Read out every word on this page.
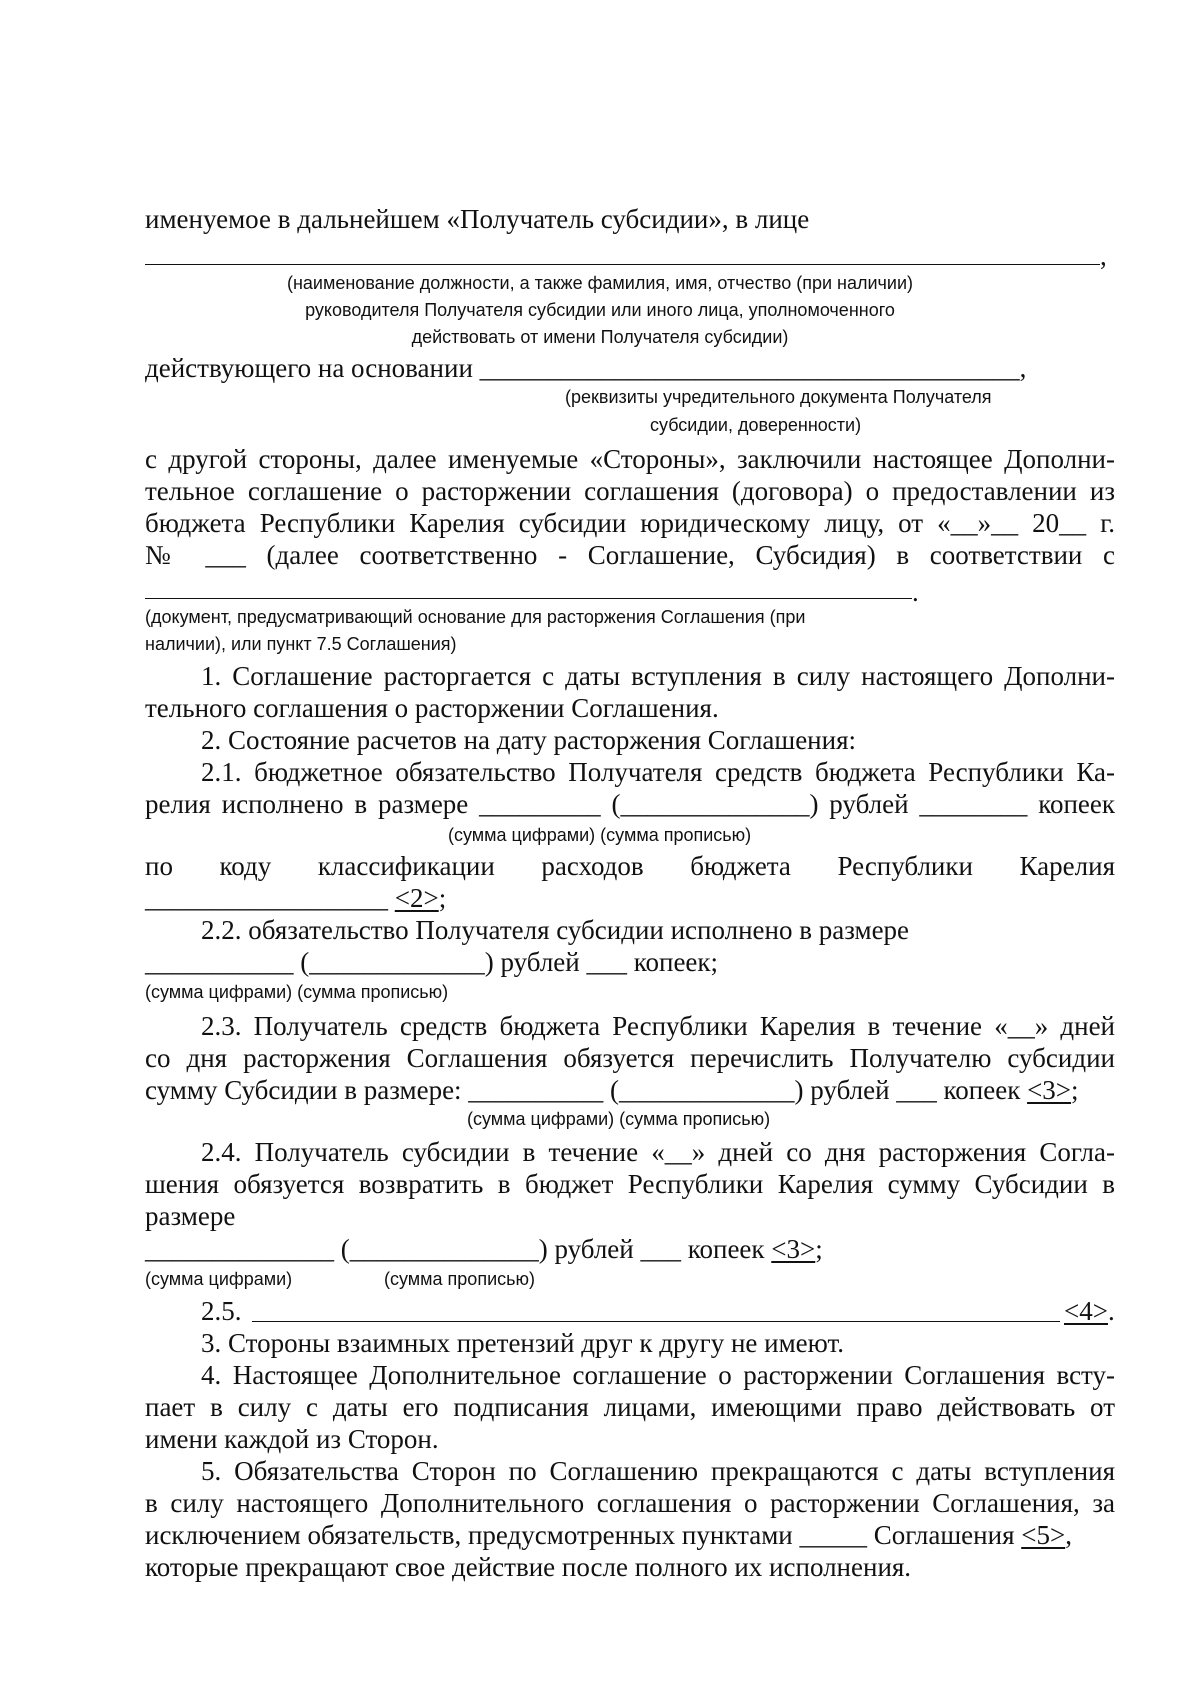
именуемое в дальнейшем «Получатель субсидии», в лице
,
(наименование должности, а также фамилия, имя, отчество (при наличии)
руководителя Получателя субсидии или иного лица, уполномоченного
действовать от имени Получателя субсидии)
действующего на основании ________________________________________,
(реквизиты учредительного документа Получателя
субсидии, доверенности)
с другой стороны, далее именуемые «Стороны», заключили настоящее Дополни-
тельное соглашение о расторжении соглашения (договора) о предоставлении из
бюджета Республики Карелия субсидии юридическому лицу, от «__»__ 20__ г.
№ ___ (далее соответственно - Соглашение, Субсидия) в соответствии с
.
(документ, предусматривающий основание для расторжения Соглашения (при
наличии), или пункт 7.5 Соглашения)
1. Соглашение расторгается с даты вступления в силу настоящего Дополни-
тельного соглашения о расторжении Соглашения.
2. Состояние расчетов на дату расторжения Соглашения:
2.1. бюджетное обязательство Получателя средств бюджета Республики Ка-
релия исполнено в размере _________ (______________) рублей ________ копеек
(сумма цифрами) (сумма прописью)
по коду классификации расходов бюджета Республики Карелия
__________________ <2>;
2.2. обязательство Получателя субсидии исполнено в размере
___________ (_____________) рублей ___ копеек;
(сумма цифрами) (сумма прописью)
2.3. Получатель средств бюджета Республики Карелия в течение «__» дней
со дня расторжения Соглашения обязуется перечислить Получателю субсидии
сумму Субсидии в размере: __________ (_____________) рублей ___ копеек <3>;
(сумма цифрами) (сумма прописью)
2.4. Получатель субсидии в течение «__» дней со дня расторжения Согла-
шения обязуется возвратить в бюджет Республики Карелия сумму Субсидии в
размере
______________ (______________) рублей ___ копеек <3>;
(сумма цифрами)	(сумма прописью)
2.5.	<4>.
3. Стороны взаимных претензий друг к другу не имеют.
4. Настоящее Дополнительное соглашение о расторжении Соглашения всту-
пает в силу с даты его подписания лицами, имеющими право действовать от
имени каждой из Сторон.
5. Обязательства Сторон по Соглашению прекращаются с даты вступления
в силу настоящего Дополнительного соглашения о расторжении Соглашения, за
исключением обязательств, предусмотренных пунктами _____ Соглашения <5>,
которые прекращают свое действие после полного их исполнения.
